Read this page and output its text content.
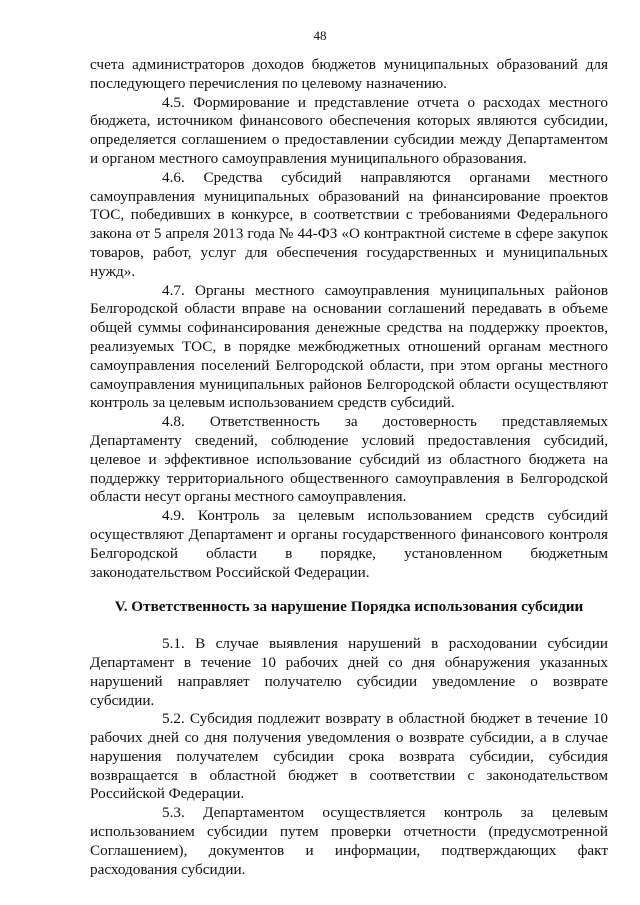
48

счета администраторов доходов бюджетов муниципальных образований для последующего перечисления по целевому назначению.

4.5. Формирование и представление отчета о расходах местного бюджета, источником финансового обеспечения которых являются субсидии, определяется соглашением о предоставлении субсидии между Департаментом и органом местного самоуправления муниципального образования.

4.6. Средства субсидий направляются органами местного самоуправления муниципальных образований на финансирование проектов ТОС, победивших в конкурсе, в соответствии с требованиями Федерального закона от 5 апреля 2013 года № 44-ФЗ «О контрактной системе в сфере закупок товаров, работ, услуг для обеспечения государственных и муниципальных нужд».

4.7. Органы местного самоуправления муниципальных районов Белгородской области вправе на основании соглашений передавать в объеме общей суммы софинансирования денежные средства на поддержку проектов, реализуемых ТОС, в порядке межбюджетных отношений органам местного самоуправления поселений Белгородской области, при этом органы местного самоуправления муниципальных районов Белгородской области осуществляют контроль за целевым использованием средств субсидий.

4.8. Ответственность за достоверность представляемых Департаменту сведений, соблюдение условий предоставления субсидий, целевое и эффективное использование субсидий из областного бюджета на поддержку территориального общественного самоуправления в Белгородской области несут органы местного самоуправления.

4.9. Контроль за целевым использованием средств субсидий осуществляют Департамент и органы государственного финансового контроля Белгородской области в порядке, установленном бюджетным законодательством Российской Федерации.

V. Ответственность за нарушение Порядка использования субсидии

5.1. В случае выявления нарушений в расходовании субсидии Департамент в течение 10 рабочих дней со дня обнаружения указанных нарушений направляет получателю субсидии уведомление о возврате субсидии.

5.2. Субсидия подлежит возврату в областной бюджет в течение 10 рабочих дней со дня получения уведомления о возврате субсидии, а в случае нарушения получателем субсидии срока возврата субсидии, субсидия возвращается в областной бюджет в соответствии с законодательством Российской Федерации.

5.3. Департаментом осуществляется контроль за целевым использованием субсидии путем проверки отчетности (предусмотренной Соглашением), документов и информации, подтверждающих факт расходования субсидии.
